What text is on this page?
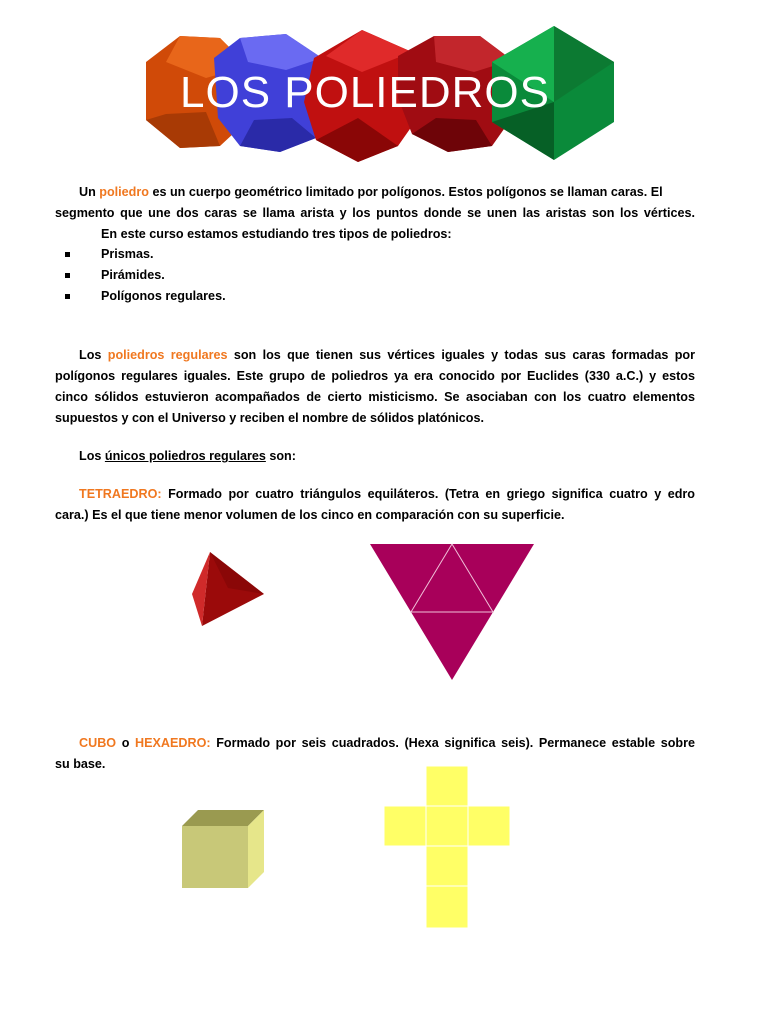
LOS POLIEDROS
Un poliedro es un cuerpo geométrico limitado por polígonos. Estos polígonos se llaman caras. El
segmento que une dos caras se llama arista y los puntos donde se unen las aristas son los vértices.
En este curso estamos estudiando tres tipos de poliedros:
Prismas.
Pirámides.
Polígonos regulares.
Los poliedros regulares son los que tienen sus vértices iguales y todas sus caras formadas por
polígonos regulares iguales. Este grupo de poliedros ya era conocido por Euclides (330 a.C.) y estos
cinco sólidos estuvieron acompañados de cierto misticismo. Se asociaban con los cuatro elementos
supuestos y con el Universo y reciben el nombre de sólidos platónicos.
Los únicos poliedros regulares son:
TETRAEDRO: Formado por cuatro triángulos equiláteros. (Tetra en griego significa cuatro y edro
cara.) Es el que tiene menor volumen de los cinco en comparación con su superficie.
CUBO o HEXAEDRO: Formado por seis cuadrados. (Hexa significa seis). Permanece estable sobre
su base.
